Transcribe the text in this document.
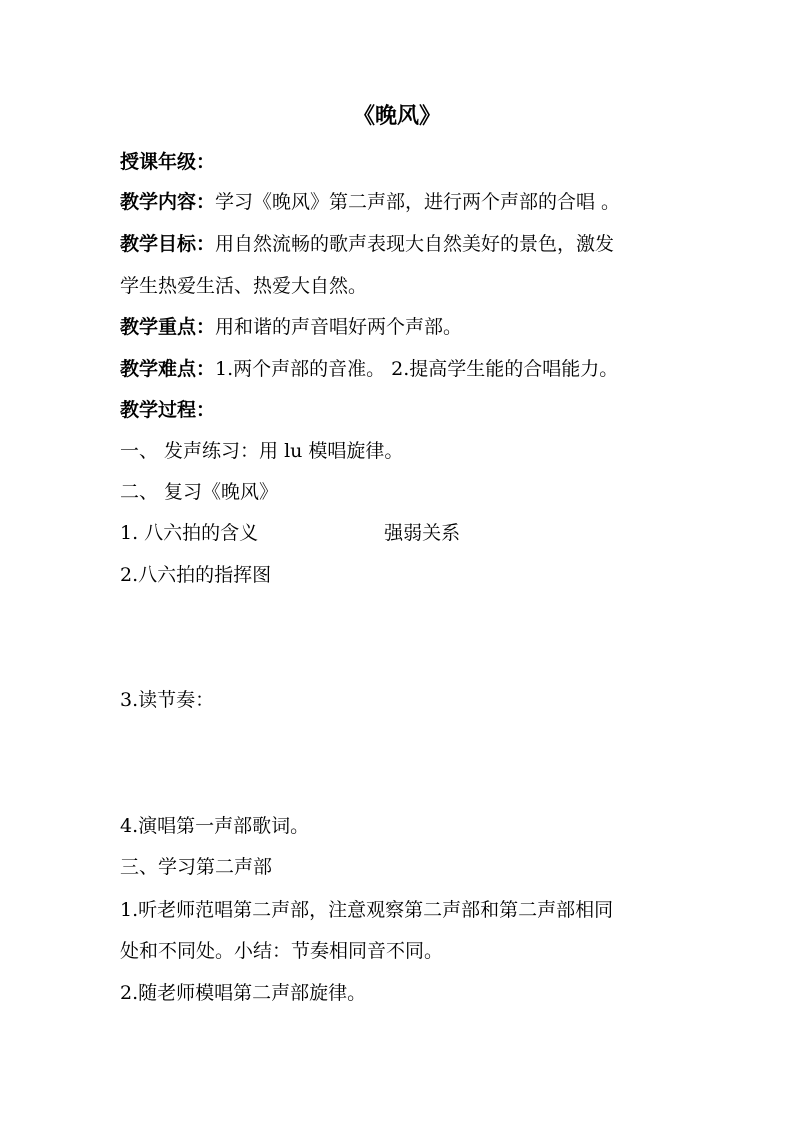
《晚风》
授课年级：
教学内容：学习《晚风》第二声部，进行两个声部的合唱 。
教学目标：用自然流畅的歌声表现大自然美好的景色，激发
学生热爱生活、热爱大自然。
教学重点：用和谐的声音唱好两个声部。
教学难点：1.两个声部的音准。 2.提高学生能的合唱能力。
教学过程：
一、 发声练习：用 lu 模唱旋律。
二、 复习《晚风》
1. 八六拍的含义	强弱关系
2.八六拍的指挥图
3.读节奏：
4.演唱第一声部歌词。
三、学习第二声部
1.听老师范唱第二声部，注意观察第二声部和第二声部相同
处和不同处。小结：节奏相同音不同。
2.随老师模唱第二声部旋律。
